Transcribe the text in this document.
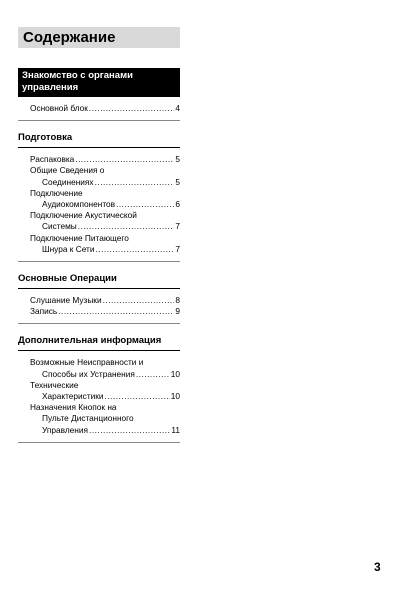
Содержание
Знакомство с органами управления
Основной блок .....	4
Подготовка
Распаковка .....	5
Общие Сведения о
Соединениях .....	5
Подключение
Аудиокомпонентов .....	6
Подключение Акустической
Системы .....	7
Подключение Питающего
Шнура к Сети .....	7
Основные Операции
Слушание Музыки .....	8
Запись .....	9
Дополнительная информация
Возможные Неисправности и
Способы их Устранения .....	10
Технические
Характеристики .....	10
Назначения Кнопок на
Пульте Дистанционного
Управления .....	11
3
